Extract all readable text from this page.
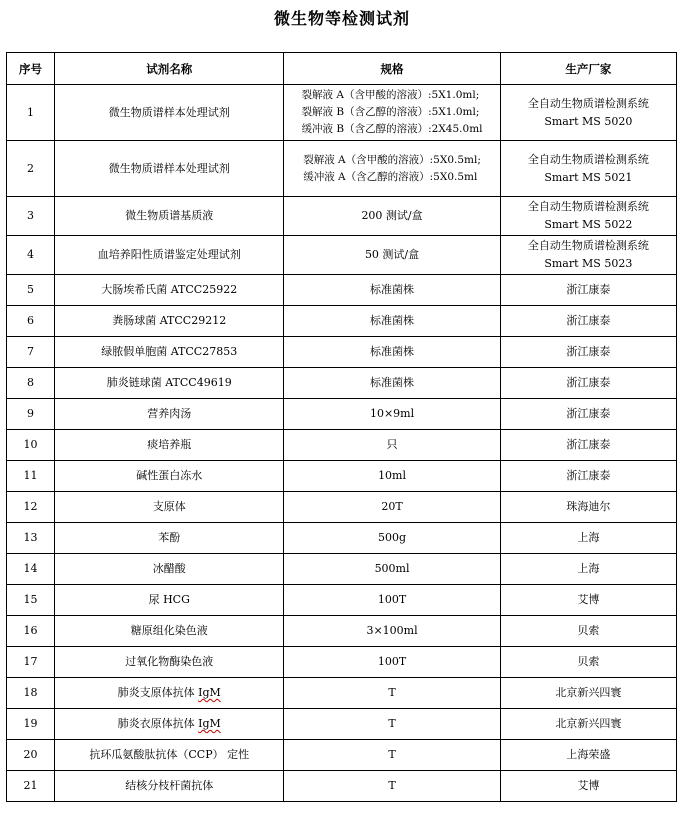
微生物等检测试剂
序号	试剂名称	规格	生产厂家
1	微生物质谱样本处理试剂	裂解液 A（含甲酸的溶液）:5X1.0ml;
裂解液 B（含乙醇的溶液）:5X1.0ml;
缓冲液 B（含乙醇的溶液）:2X45.0ml	全自动生物质谱检测系统
Smart MS 5020
2	微生物质谱样本处理试剂	裂解液 A（含甲酸的溶液）:5X0.5ml;
缓冲液 A（含乙醇的溶液）:5X0.5ml	全自动生物质谱检测系统
Smart MS 5021
3	微生物质谱基质液	200 测试/盒	全自动生物质谱检测系统
Smart MS 5022
4	血培养阳性质谱鉴定处理试剂	50 测试/盒	全自动生物质谱检测系统
Smart MS 5023
5	大肠埃希氏菌 ATCC25922	标准菌株	浙江康泰
6	粪肠球菌 ATCC29212	标准菌株	浙江康泰
7	绿脓假单胞菌 ATCC27853	标准菌株	浙江康泰
8	肺炎链球菌 ATCC49619	标准菌株	浙江康泰
9	营养肉汤	10×9ml	浙江康泰
10	痰培养瓶	只	浙江康泰
11	碱性蛋白冻水	10ml	浙江康泰
12	支原体	20T	珠海迪尔
13	苯酚	500g	上海
14	冰醋酸	500ml	上海
15	尿 HCG	100T	艾博
16	糖原组化染色液	3×100ml	贝索
17	过氧化物酶染色液	100T	贝索
18	肺炎支原体抗体 IgM	T	北京新兴四寰
19	肺炎衣原体抗体 IgM	T	北京新兴四寰
20	抗环瓜氨酸肽抗体（CCP） 定性	T	上海荣盛
21	结核分枝杆菌抗体	T	艾博
